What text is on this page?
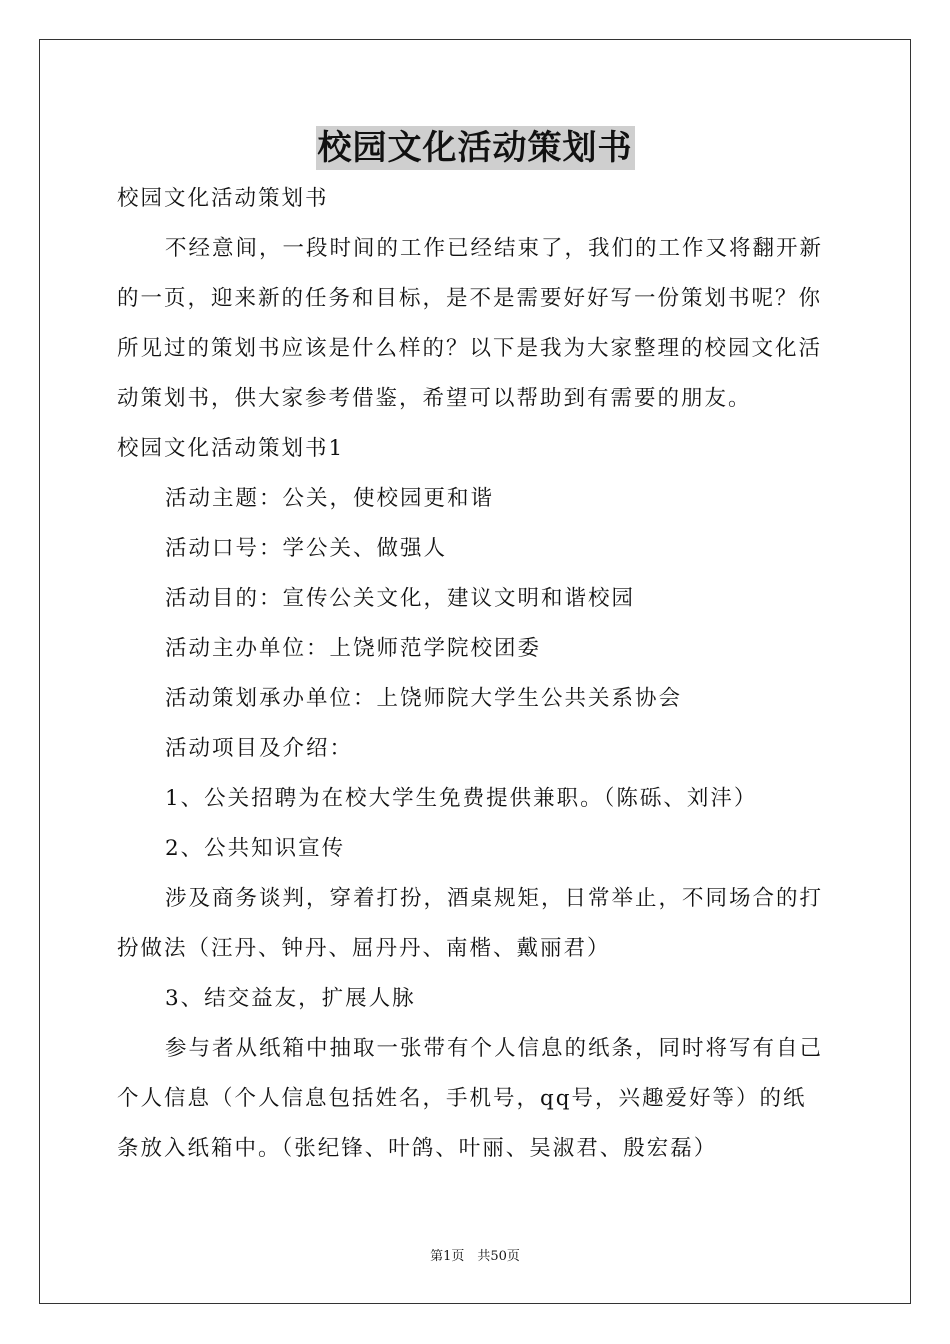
校园文化活动策划书
校园文化活动策划书
不经意间，一段时间的工作已经结束了，我们的工作又将翻开新
的一页，迎来新的任务和目标，是不是需要好好写一份策划书呢？你
所见过的策划书应该是什么样的？以下是我为大家整理的校园文化活
动策划书，供大家参考借鉴，希望可以帮助到有需要的朋友。
校园文化活动策划书1
活动主题：公关，使校园更和谐
活动口号：学公关、做强人
活动目的：宣传公关文化，建议文明和谐校园
活动主办单位：上饶师范学院校团委
活动策划承办单位：上饶师院大学生公共关系协会
活动项目及介绍：
1、公关招聘为在校大学生免费提供兼职。（陈砾、刘沣）
2、公共知识宣传
涉及商务谈判，穿着打扮，酒桌规矩，日常举止，不同场合的打
扮做法（汪丹、钟丹、屈丹丹、南楷、戴丽君）
3、结交益友，扩展人脉
参与者从纸箱中抽取一张带有个人信息的纸条，同时将写有自己
个人信息（个人信息包括姓名，手机号，qq号，兴趣爱好等）的纸
条放入纸箱中。（张纪锋、叶鸽、叶丽、吴淑君、殷宏磊）
第1页　共50页
